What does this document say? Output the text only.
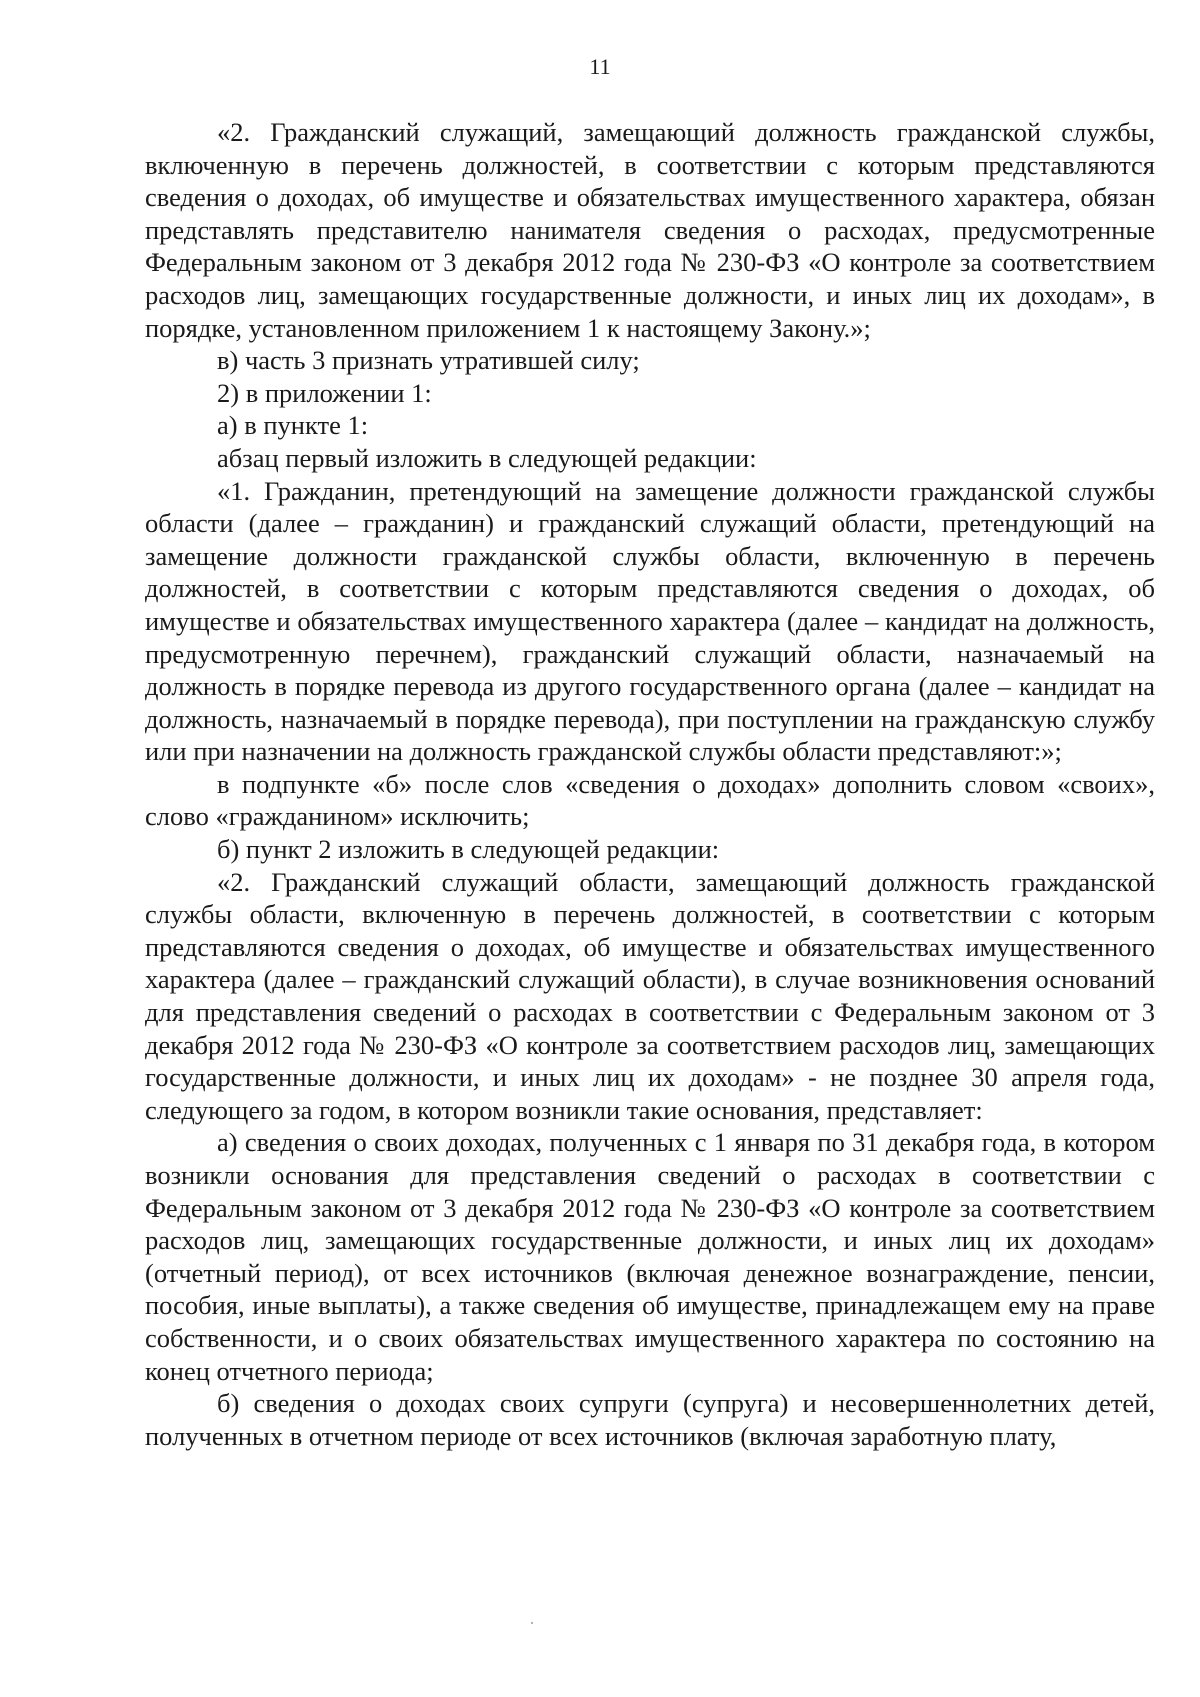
11

«2. Гражданский служащий, замещающий должность гражданской службы, включенную в перечень должностей, в соответствии с которым представляются сведения о доходах, об имуществе и обязательствах имущественного характера, обязан представлять представителю нанимателя сведения о расходах, предусмотренные Федеральным законом от 3 декабря 2012 года № 230-ФЗ «О контроле за соответствием расходов лиц, замещающих государственные должности, и иных лиц их доходам», в порядке, установленном приложением 1 к настоящему Закону.»;

в) часть 3 признать утратившей силу;

2) в приложении 1:

а) в пункте 1:

абзац первый изложить в следующей редакции:

«1. Гражданин, претендующий на замещение должности гражданской службы области (далее – гражданин) и гражданский служащий области, претендующий на замещение должности гражданской службы области, включенную в перечень должностей, в соответствии с которым представляются сведения о доходах, об имуществе и обязательствах имущественного характера (далее – кандидат на должность, предусмотренную перечнем), гражданский служащий области, назначаемый на должность в порядке перевода из другого государственного органа (далее – кандидат на должность, назначаемый в порядке перевода), при поступлении на гражданскую службу или при назначении на должность гражданской службы области представляют:»;

в подпункте «б» после слов «сведения о доходах» дополнить словом «своих», слово «гражданином» исключить;

б) пункт 2 изложить в следующей редакции:

«2. Гражданский служащий области, замещающий должность гражданской службы области, включенную в перечень должностей, в соответствии с которым представляются сведения о доходах, об имуществе и обязательствах имущественного характера (далее – гражданский служащий области), в случае возникновения оснований для представления сведений о расходах в соответствии с Федеральным законом от 3 декабря 2012 года № 230-ФЗ «О контроле за соответствием расходов лиц, замещающих государственные должности, и иных лиц их доходам» - не позднее 30 апреля года, следующего за годом, в котором возникли такие основания, представляет:

а) сведения о своих доходах, полученных с 1 января по 31 декабря года, в котором возникли основания для представления сведений о расходах в соответствии с Федеральным законом от 3 декабря 2012 года № 230-ФЗ «О контроле за соответствием расходов лиц, замещающих государственные должности, и иных лиц их доходам» (отчетный период), от всех источников (включая денежное вознаграждение, пенсии, пособия, иные выплаты), а также сведения об имуществе, принадлежащем ему на праве собственности, и о своих обязательствах имущественного характера по состоянию на конец отчетного периода;

б) сведения о доходах своих супруги (супруга) и несовершеннолетних детей, полученных в отчетном периоде от всех источников (включая заработную плату,
